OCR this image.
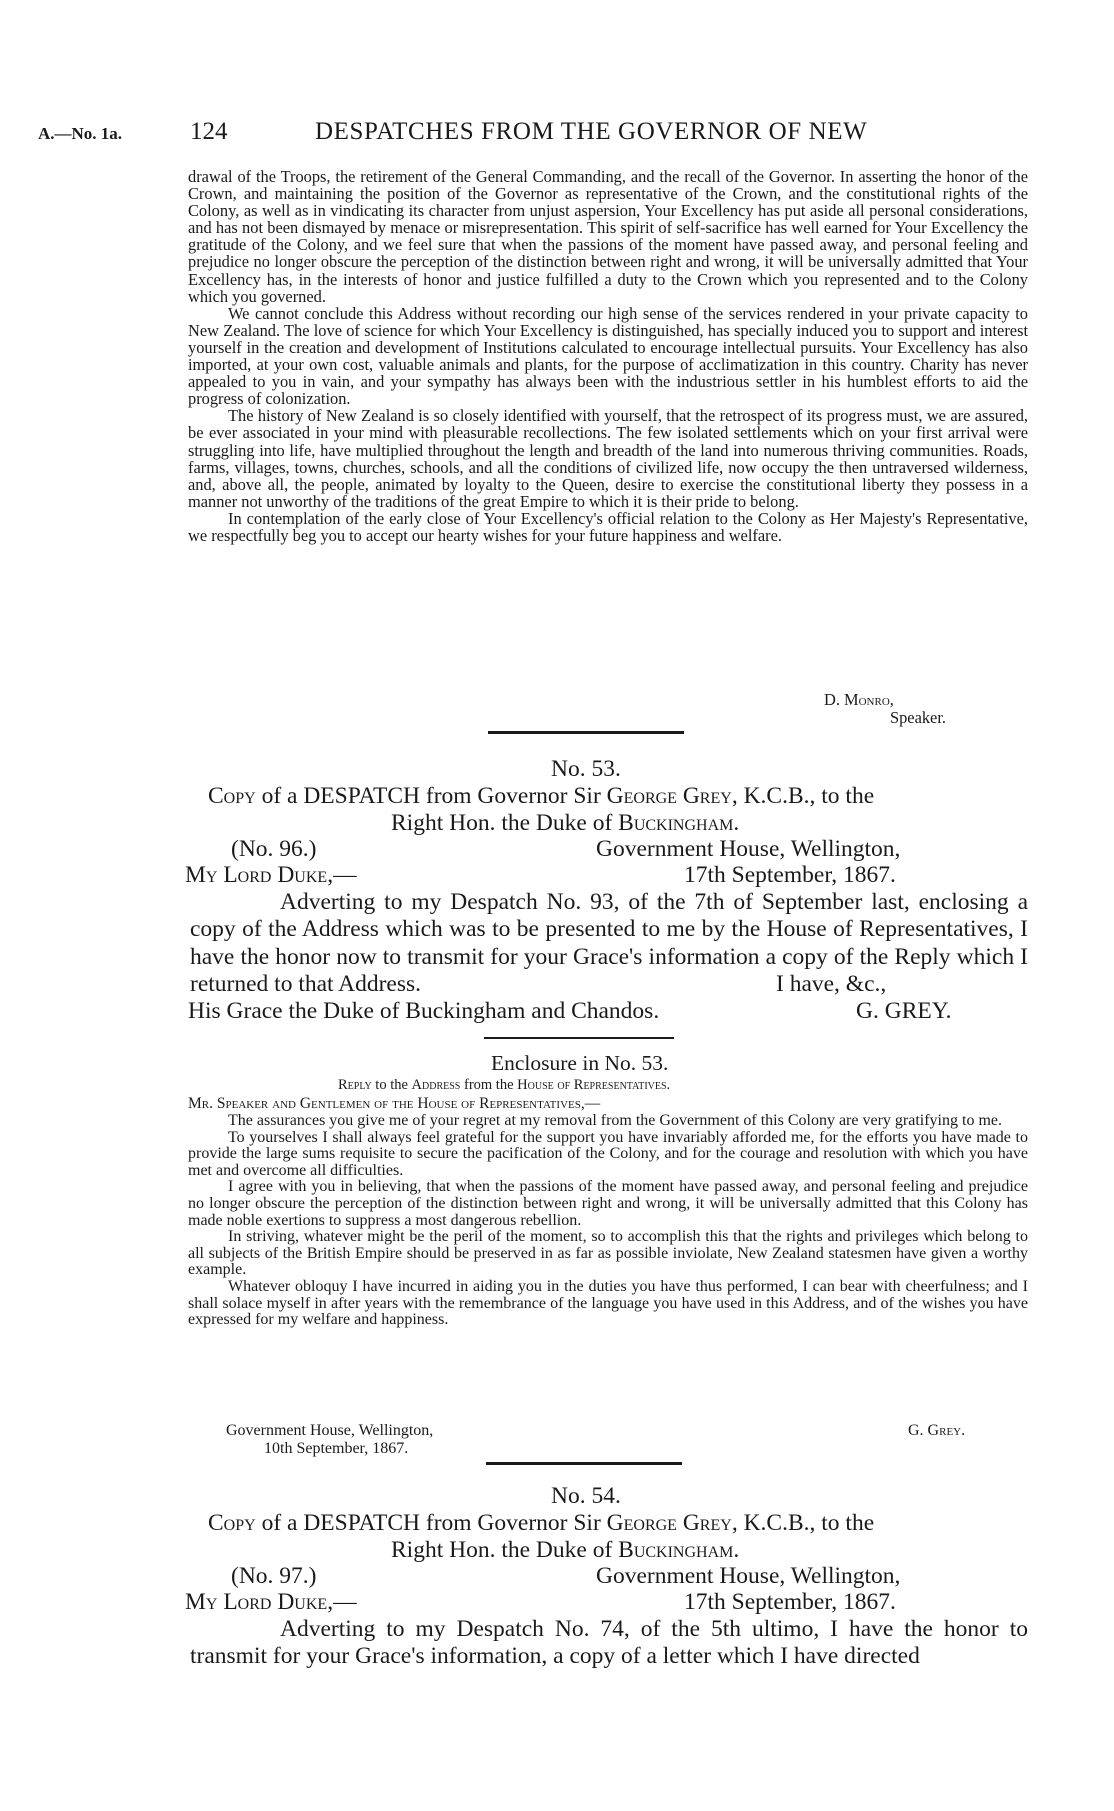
A.—No. 1a.	124	DESPATCHES FROM THE GOVERNOR OF NEW

drawal of the Troops, the retirement of the General Commanding, and the recall of the Governor. In asserting the honor of the Crown, and maintaining the position of the Governor as representative of the Crown, and the constitutional rights of the Colony, as well as in vindicating its character from unjust aspersion, Your Excellency has put aside all personal considerations, and has not been dismayed by menace or misrepresentation. This spirit of self-sacrifice has well earned for Your Excellency the gratitude of the Colony, and we feel sure that when the passions of the moment have passed away, and personal feeling and prejudice no longer obscure the perception of the distinction between right and wrong, it will be universally admitted that Your Excellency has, in the interests of honor and justice fulfilled a duty to the Crown which you represented and to the Colony which you governed.

We cannot conclude this Address without recording our high sense of the services rendered in your private capacity to New Zealand. The love of science for which Your Excellency is distinguished, has specially induced you to support and interest yourself in the creation and development of Institutions calculated to encourage intellectual pursuits. Your Excellency has also imported, at your own cost, valuable animals and plants, for the purpose of acclimatization in this country. Charity has never appealed to you in vain, and your sympathy has always been with the industrious settler in his humblest efforts to aid the progress of colonization.

The history of New Zealand is so closely identified with yourself, that the retrospect of its progress must, we are assured, be ever associated in your mind with pleasurable recollections. The few isolated settlements which on your first arrival were struggling into life, have multiplied throughout the length and breadth of the land into numerous thriving communities. Roads, farms, villages, towns, churches, schools, and all the conditions of civilized life, now occupy the then untraversed wilderness, and, above all, the people, animated by loyalty to the Queen, desire to exercise the constitutional liberty they possess in a manner not unworthy of the traditions of the great Empire to which it is their pride to belong.

In contemplation of the early close of Your Excellency's official relation to the Colony as Her Majesty's Representative, we respectfully beg you to accept our hearty wishes for your future happiness and welfare.

D. Monro,
Speaker.
No. 53.
Copy of a DESPATCH from Governor Sir George Grey, K.C.B., to the
Right Hon. the Duke of Buckingham.
(No. 96.)	Government House, Wellington,
My Lord Duke,—	17th September, 1867.

Adverting to my Despatch No. 93, of the 7th of September last, enclosing a copy of the Address which was to be presented to me by the House of Representatives, I have the honor now to transmit for your Grace's information a copy of the Reply which I returned to that Address.	I have, &c.,
His Grace the Duke of Buckingham and Chandos.	G. GREY.
Enclosure in No. 53.
Reply to the Address from the House of Representatives.
Mr. Speaker and Gentlemen of the House of Representatives,—

The assurances you give me of your regret at my removal from the Government of this Colony are very gratifying to me.

To yourselves I shall always feel grateful for the support you have invariably afforded me, for the efforts you have made to provide the large sums requisite to secure the pacification of the Colony, and for the courage and resolution with which you have met and overcome all difficulties.

I agree with you in believing, that when the passions of the moment have passed away, and personal feeling and prejudice no longer obscure the perception of the distinction between right and wrong, it will be universally admitted that this Colony has made noble exertions to suppress a most dangerous rebellion.

In striving, whatever might be the peril of the moment, so to accomplish this that the rights and privileges which belong to all subjects of the British Empire should be preserved in as far as possible inviolate, New Zealand statesmen have given a worthy example.

Whatever obloquy I have incurred in aiding you in the duties you have thus performed, I can bear with cheerfulness; and I shall solace myself in after years with the remembrance of the language you have used in this Address, and of the wishes you have expressed for my welfare and happiness.

Government House, Wellington,	G. Grey.
10th September, 1867.
No. 54.
Copy of a DESPATCH from Governor Sir George Grey, K.C.B., to the
Right Hon. the Duke of Buckingham.
(No. 97.)	Government House, Wellington,
My Lord Duke,—	17th September, 1867.

Adverting to my Despatch No. 74, of the 5th ultimo, I have the honor to transmit for your Grace's information, a copy of a letter which I have directed
